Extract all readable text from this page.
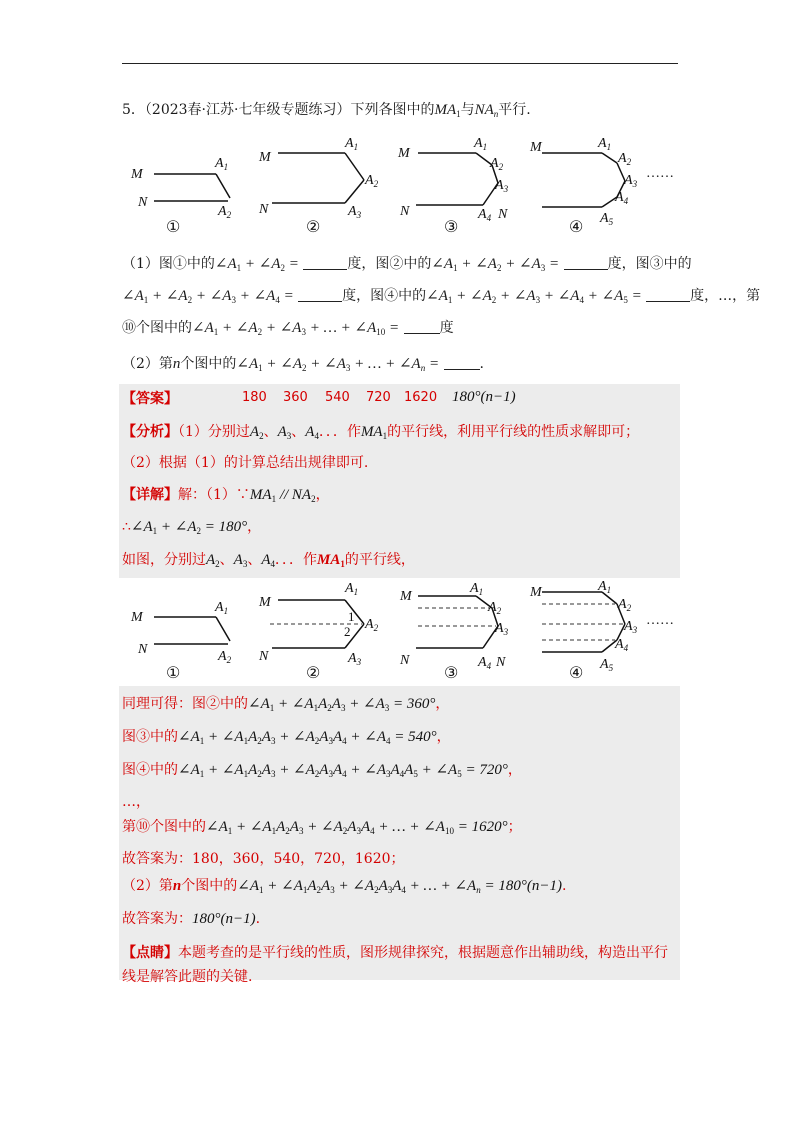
5．（2023春·江苏·七年级专题练习）下列各图中的$MA_1$与$NA_n$平行.
M
N
$A_1$
$A_2$
M
N
$A_1$
$A_2$
$A_3$
M
N
$A_1$
$A_2$
$A_3$
$A_4$ N
M	$A_1$
$A_2$
$A_3$
$A_4$
$A_5$
……
①	②	③	④
（1）图①中的$\angle A_1$ + $\angle A_2$ =	度，图②中的$\angle A_1$ + $\angle A_2$ + $\angle A_3$ =	度，图③中的
$\angle A_1$ + $\angle A_2$ + $\angle A_3$ + $\angle A_4$ =	度，图④中的$\angle A_1$ + $\angle A_2$ + $\angle A_3$ + $\angle A_4$ + $\angle A_5$ =	度，…，第
⑩个图中的$\angle A_1$ + $\angle A_2$ + $\angle A_3$ + … + $\angle A_{10}$ =	度
（2）第n个图中的$\angle A_1$ + $\angle A_2$ + $\angle A_3$ + … + $\angle A_n$ =	.
【答案】	180 360 540 720 1620 180°(n−1)
【分析】（1）分别过$A_2$、$A_3$、$A_4$．．．作$MA_1$的平行线，利用平行线的性质求解即可；
（2）根据（1）的计算总结出规律即可.
【详解】解：$(1)\because MA_1 // NA_2$，
$\therefore\angle A_1$ + $\angle A_2 = 180^\circ$，
如图，分别过$A_2$、$A_3$、$A_4$．．．作$MA_1$的平行线，
M
N
$A_1$
$A_2$
M
N
$A_1$
$A_2$
$A_3$
M
N
$A_1$
$A_2$
$A_3$
$A_4$ N
M	$A_1$
$A_2$
$A_3$
$A_4$
$A_5$
1
2
……
①	②	③	④
同理可得：图②中的$\angle A_1$ + $\angle A_1A_2A_3$ + $\angle A_3 = 360^\circ$，
图③中的$\angle A_1$ + $\angle A_1A_2A_3$ + $\angle A_2A_3A_4$ + $\angle A_4 = 540^\circ$，
图④中的$\angle A_1$ + $\angle A_1A_2A_3$ + $\angle A_2A_3A_4$ + $\angle A_3A_4A_5$ + $\angle A_5 = 720^\circ$，
…，
第⑩个图中的$\angle A_1$ + $\angle A_1A_2A_3$ + $\angle A_2A_3A_4$ + … + $\angle A_{10} = 1620^\circ$；
故答案为：180，360，540，720，1620；
（2）第n个图中的$\angle A_1$ + $\angle A_1A_2A_3$ + $\angle A_2A_3A_4$ + … + $\angle A_n = 180^\circ(n-1)$.
故答案为：180°(n−1).
【点睛】本题考查的是平行线的性质，图形规律探究，根据题意作出辅助线，构造出平行
线是解答此题的关键.
